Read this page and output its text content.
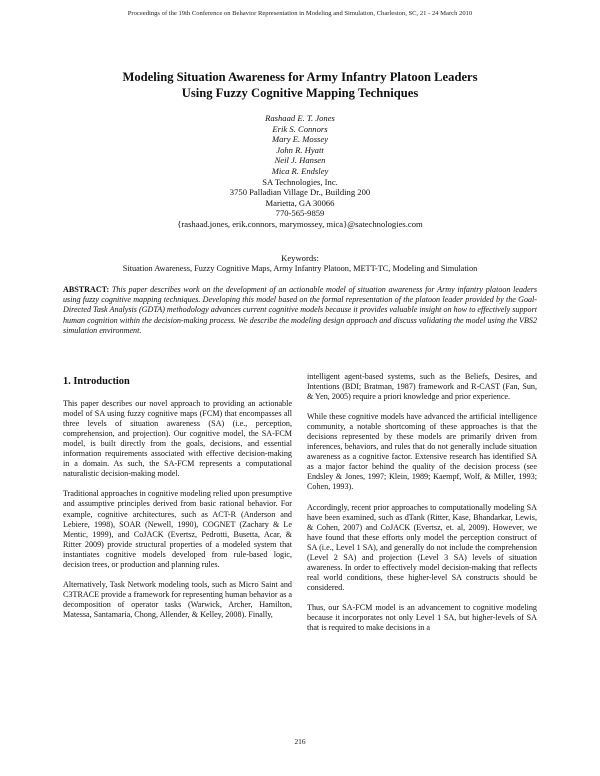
Proceedings of the 19th Conference on Behavior Representation in Modeling and Simulation, Charleston, SC, 21 - 24 March 2010
Modeling Situation Awareness for Army Infantry Platoon Leaders
Using Fuzzy Cognitive Mapping Techniques
Rashaad E. T. Jones
Erik S. Connors
Mary E. Mossey
John R. Hyatt
Neil J. Hansen
Mica R. Endsley
SA Technologies, Inc.
3750 Palladian Village Dr., Building 200
Marietta, GA 30066
770-565-9859
{rashaad.jones, erik.connors, marymossey, mica}@satechnologies.com
Keywords:
Situation Awareness, Fuzzy Cognitive Maps, Army Infantry Platoon, METT-TC, Modeling and Simulation
ABSTRACT: This paper describes work on the development of an actionable model of situation awareness for Army infantry platoon leaders using fuzzy cognitive mapping techniques. Developing this model based on the formal representation of the platoon leader provided by the Goal-Directed Task Analysis (GDTA) methodology advances current cognitive models because it provides valuable insight on how to effectively support human cognition within the decision-making process. We describe the modeling design approach and discuss validating the model using the VBS2 simulation environment.
1. Introduction

This paper describes our novel approach to providing an actionable model of SA using fuzzy cognitive maps (FCM) that encompasses all three levels of situation awareness (SA) (i.e., perception, comprehension, and projection). Our cognitive model, the SA-FCM model, is built directly from the goals, decisions, and essential information requirements associated with effective decision-making in a domain. As such, the SA-FCM represents a computational naturalistic decision-making model.

Traditional approaches in cognitive modeling relied upon presumptive and assumptive principles derived from basic rational behavior. For example, cognitive architectures, such as ACT-R (Anderson and Lebiere, 1998), SOAR (Newell, 1990), COGNET (Zachary & Le Mentic, 1999), and CoJACK (Evertsz, Pedrotti, Busetta, Acar, & Ritter 2009) provide structural properties of a modeled system that instantiates cognitive models developed from rule-based logic, decision trees, or production and planning rules.

Alternatively, Task Network modeling tools, such as Micro Saint and C3TRACE provide a framework for representing human behavior as a decomposition of operator tasks (Warwick, Archer, Hamilton, Matessa, Santamaria, Chong, Allender, & Kelley, 2008). Finally,

intelligent agent-based systems, such as the Beliefs, Desires, and Intentions (BDI; Bratman, 1987) framework and R-CAST (Fan, Sun, & Yen, 2005) require a priori knowledge and prior experience.

While these cognitive models have advanced the artificial intelligence community, a notable shortcoming of these approaches is that the decisions represented by these models are primarily driven from inferences, behaviors, and rules that do not generally include situation awareness as a cognitive factor. Extensive research has identified SA as a major factor behind the quality of the decision process (see Endsley & Jones, 1997; Klein, 1989; Kaempf, Wolf, & Miller, 1993; Cohen, 1993).

Accordingly, recent prior approaches to computationally modeling SA have been examined, such as dTank (Ritter, Kase, Bhandarkar, Lewis, & Cohen, 2007) and CoJACK (Evertsz, et. al, 2009). However, we have found that these efforts only model the perception construct of SA (i.e., Level 1 SA), and generally do not include the comprehension (Level 2 SA) and projection (Level 3 SA) levels of situation awareness. In order to effectively model decision-making that reflects real world conditions, these higher-level SA constructs should be considered.

Thus, our SA-FCM model is an advancement to cognitive modeling because it incorporates not only Level 1 SA, but higher-levels of SA that is required to make decisions in a

216
